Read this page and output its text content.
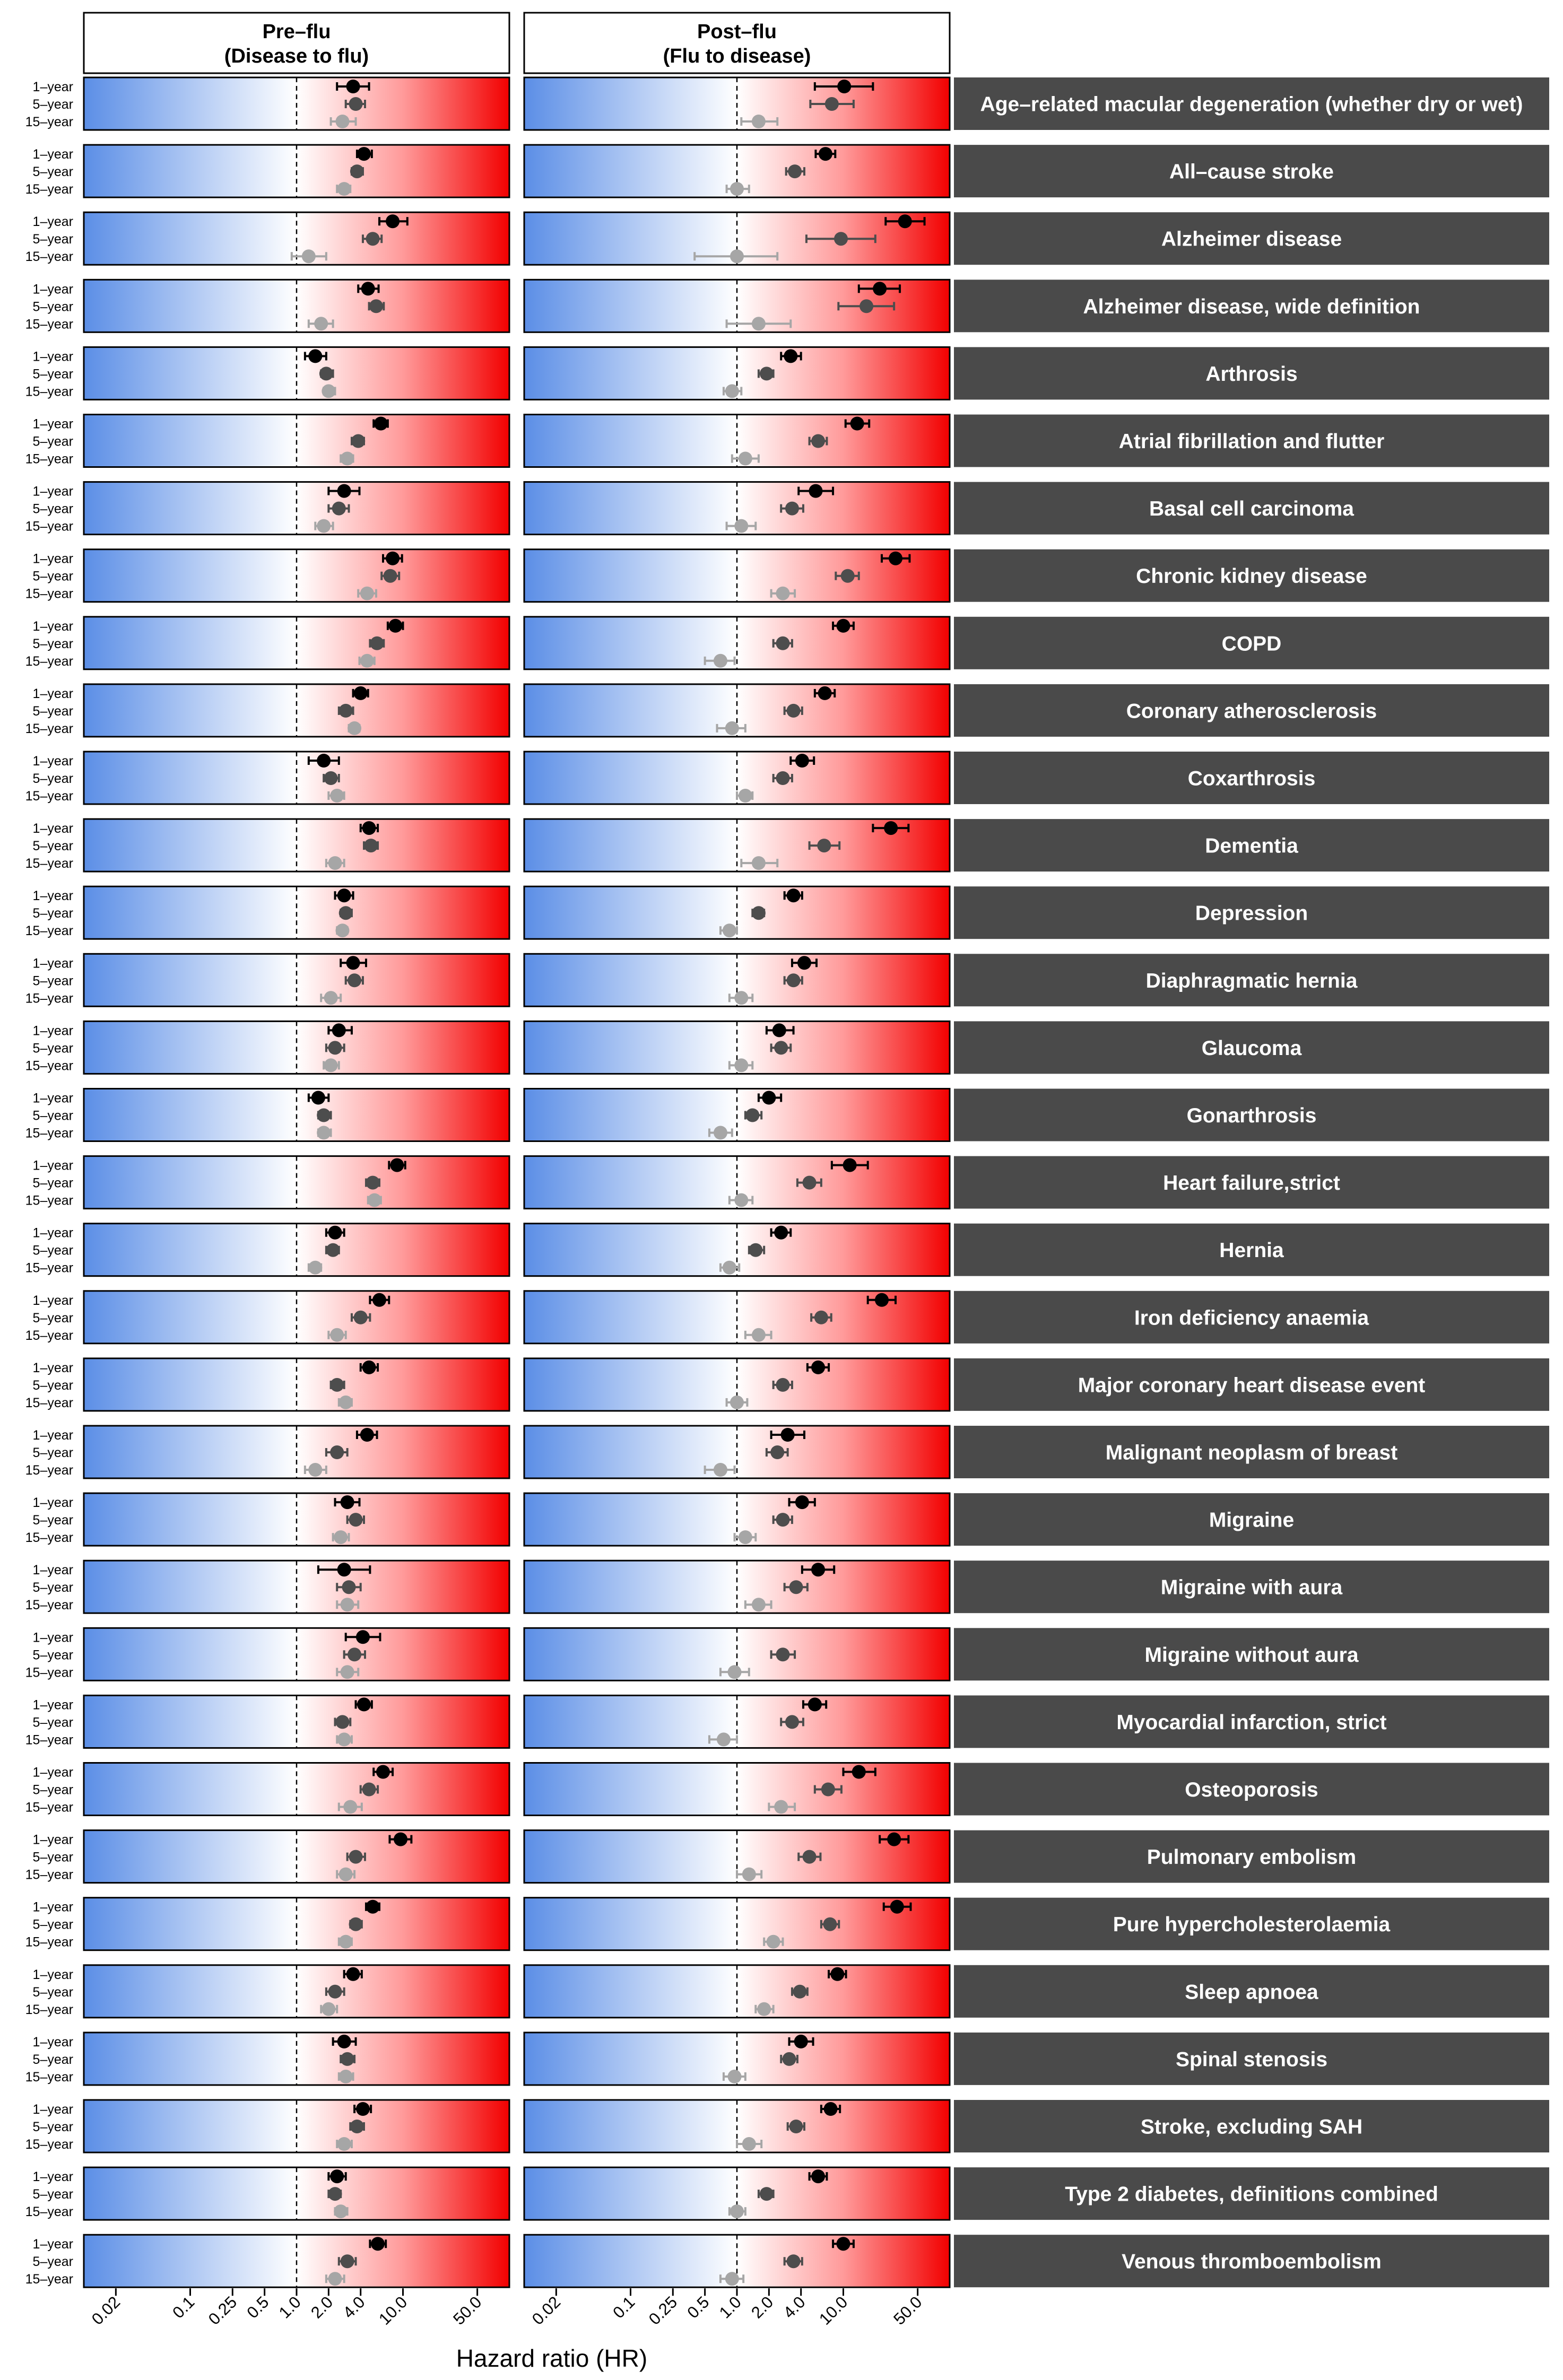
Pre–flu
(Disease to flu)
Post–flu
(Flu to disease)
1–year
5–year
15–year
Age–related macular degeneration (whether dry or wet)
1–year
5–year
15–year
All–cause stroke
1–year
5–year
15–year
Alzheimer disease
1–year
5–year
15–year
Alzheimer disease, wide definition
1–year
5–year
15–year
Arthrosis
1–year
5–year
15–year
Atrial fibrillation and flutter
1–year
5–year
15–year
Basal cell carcinoma
1–year
5–year
15–year
Chronic kidney disease
1–year
5–year
15–year
COPD
1–year
5–year
15–year
Coronary atherosclerosis
1–year
5–year
15–year
Coxarthrosis
1–year
5–year
15–year
Dementia
1–year
5–year
15–year
Depression
1–year
5–year
15–year
Diaphragmatic hernia
1–year
5–year
15–year
Glaucoma
1–year
5–year
15–year
Gonarthrosis
1–year
5–year
15–year
Heart failure,strict
1–year
5–year
15–year
Hernia
1–year
5–year
15–year
Iron deficiency anaemia
1–year
5–year
15–year
Major coronary heart disease event
1–year
5–year
15–year
Malignant neoplasm of breast
1–year
5–year
15–year
Migraine
1–year
5–year
15–year
Migraine with aura
1–year
5–year
15–year
Migraine without aura
1–year
5–year
15–year
Myocardial infarction, strict
1–year
5–year
15–year
Osteoporosis
1–year
5–year
15–year
Pulmonary embolism
1–year
5–year
15–year
Pure hypercholesterolaemia
1–year
5–year
15–year
Sleep apnoea
1–year
5–year
15–year
Spinal stenosis
1–year
5–year
15–year
Stroke, excluding SAH
1–year
5–year
15–year
Type 2 diabetes, definitions combined
1–year
5–year
15–year
Venous thromboembolism
0.02	0.1 0.25 0.5 1.0 2.0 4.0 10.0 50.0	0.02	0.1 0.25 0.5 1.0 2.0 4.0 10.0 50.0
Hazard ratio (HR)
